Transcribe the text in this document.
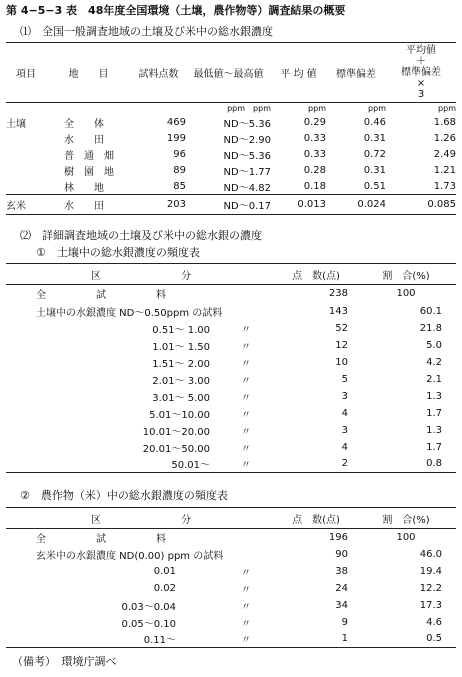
第 4−5−3 表　48年度全国環境（土壌，農作物等）調査結果の概要
⑴　全国一般調査地域の土壌及び米中の総水銀濃度
項目	地　　目	試料点数	最低値〜最高値	平 均 値	標準偏差	平均値
＋
標準偏差
×
3

			ppm　ppm	ppm	ppm	ppm
土壌	全　　体	469	ND〜5.36	0.29	0.46	1.68
	水　　田	199	ND〜2.90	0.33	0.31	1.26
	普　通　畑	96	ND〜5.36	0.33	0.72	2.49
	樹　園　地	89	ND〜1.77	0.28	0.31	1.21
	林　　地	85	ND〜4.82	0.18	0.51	1.73
玄米	水　　田	203	ND〜0.17	0.013	0.024	0.085
⑵　詳細調査地域の土壌及び米中の総水銀の濃度
①　土壌中の総水銀濃度の頻度表
区　　　　　　　　分		点　数(点)	割　合(%)
全　　　　　試　　　　　料		238	100
土壌中の水銀濃度 ND〜0.50ppm の試料		143	60.1
0.51〜 1.00	〃	52	21.8
1.01〜 1.50	〃	12	5.0
1.51〜 2.00	〃	10	4.2
2.01〜 3.00	〃	5	2.1
3.01〜 5.00	〃	3	1.3
5.01〜10.00	〃	4	1.7
10.01〜20.00	〃	3	1.3
20.01〜50.00	〃	4	1.7
50.01〜	〃	2	0.8
②　農作物（米）中の総水銀濃度の頻度表
区　　　　　　　　分		点　数(点)	割　合(%)
全　　　　　試　　　　　料		196	100
玄米中の水銀濃度 ND(0.00) ppm の試料		90	46.0
0.01	〃	38	19.4
0.02	〃	24	12.2
0.03〜0.04	〃	34	17.3
0.05〜0.10	〃	9	4.6
0.11〜	〃	1	0.5
（備考）　環境庁調べ
